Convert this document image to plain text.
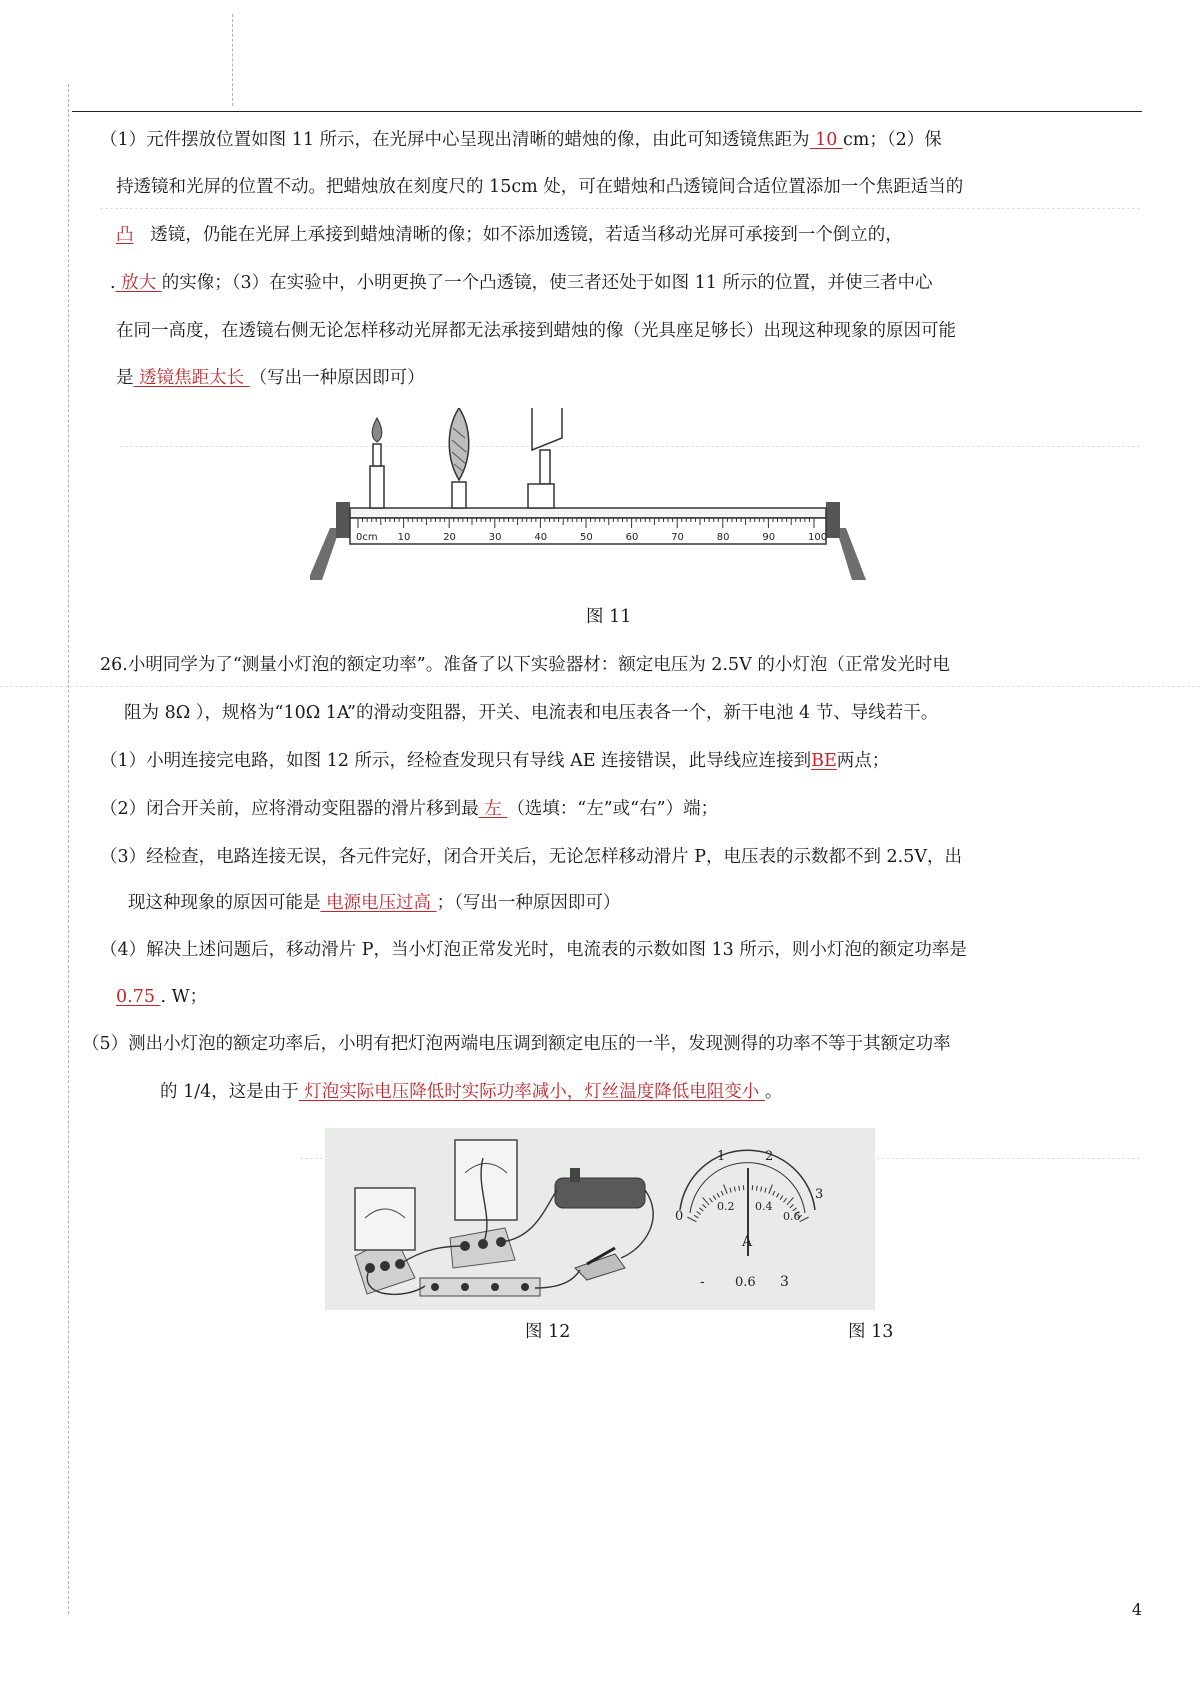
（1）元件摆放位置如图 11 所示，在光屏中心呈现出清晰的蜡烛的像，由此可知透镜焦距为 10 cm；（2）保
持透镜和光屏的位置不动。把蜡烛放在刻度尺的 15cm 处，可在蜡烛和凸透镜间合适位置添加一个焦距适当的
凸 透镜，仍能在光屏上承接到蜡烛清晰的像；如不添加透镜，若适当移动光屏可承接到一个倒立的，
. 放大 的实像；（3）在实验中，小明更换了一个凸透镜，使三者还处于如图 11 所示的位置，并使三者中心
在同一高度，在透镜右侧无论怎样移动光屏都无法承接到蜡烛的像（光具座足够长）出现这种现象的原因可能
是 透镜焦距太长 （写出一种原因即可）
0cm 10	20	30	40	50	60	70	80	90	100
图 11
26.小明同学为了“测量小灯泡的额定功率”。准备了以下实验器材：额定电压为 2.5V 的小灯泡（正常发光时电
阻为 8Ω ），规格为“10Ω 1A”的滑动变阻器，开关、电流表和电压表各一个，新干电池 4 节、导线若干。
（1）小明连接完电路，如图 12 所示，经检查发现只有导线 AE 连接错误，此导线应连接到BE两点；
（2）闭合开关前，应将滑动变阻器的滑片移到最 左 （选填：“左”或“右”）端；
（3）经检查，电路连接无误，各元件完好，闭合开关后，无论怎样移动滑片 P，电压表的示数都不到 2.5V，出
现这种现象的原因可能是 电源电压过高 ；（写出一种原因即可）
（4）解决上述问题后，移动滑片 P，当小灯泡正常发光时，电流表的示数如图 13 所示，则小灯泡的额定功率是
0.75 . W；
（5）测出小灯泡的额定功率后，小明有把灯泡两端电压调到额定电压的一半，发现测得的功率不等于其额定功率
的 1/4，这是由于 灯泡实际电压降低时实际功率减小，灯丝温度降低电阻变小 。
0
1	2
3
0.2 0.4
0.6
A
- 0.6 3
图 12	图 13
4
